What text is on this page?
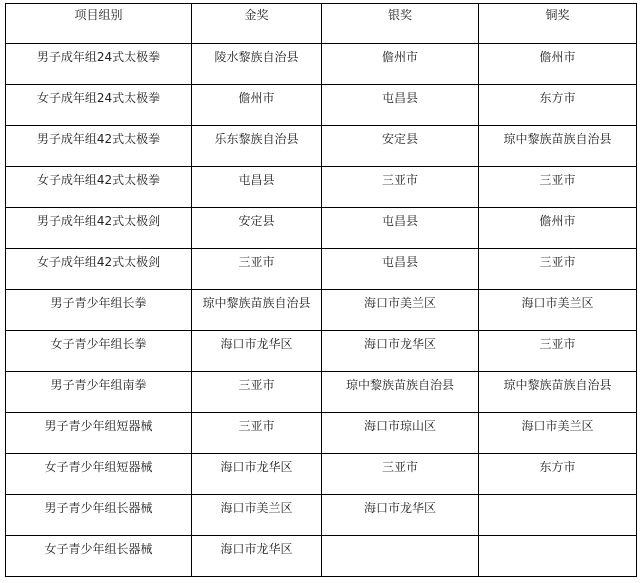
项目组别	金奖	银奖	铜奖
男子成年组24式太极拳	陵水黎族自治县	儋州市	儋州市
女子成年组24式太极拳	儋州市	屯昌县	东方市
男子成年组42式太极拳	乐东黎族自治县	安定县	琼中黎族苗族自治县
女子成年组42式太极拳	屯昌县	三亚市	三亚市
男子成年组42式太极剑	安定县	屯昌县	儋州市
女子成年组42式太极剑	三亚市	屯昌县	三亚市
男子青少年组长拳	琼中黎族苗族自治县	海口市美兰区	海口市美兰区
女子青少年组长拳	海口市龙华区	海口市龙华区	三亚市
男子青少年组南拳	三亚市	琼中黎族苗族自治县	琼中黎族苗族自治县
男子青少年组短器械	三亚市	海口市琼山区	海口市美兰区
女子青少年组短器械	海口市龙华区	三亚市	东方市
男子青少年组长器械	海口市美兰区	海口市龙华区	
女子青少年组长器械	海口市龙华区		
